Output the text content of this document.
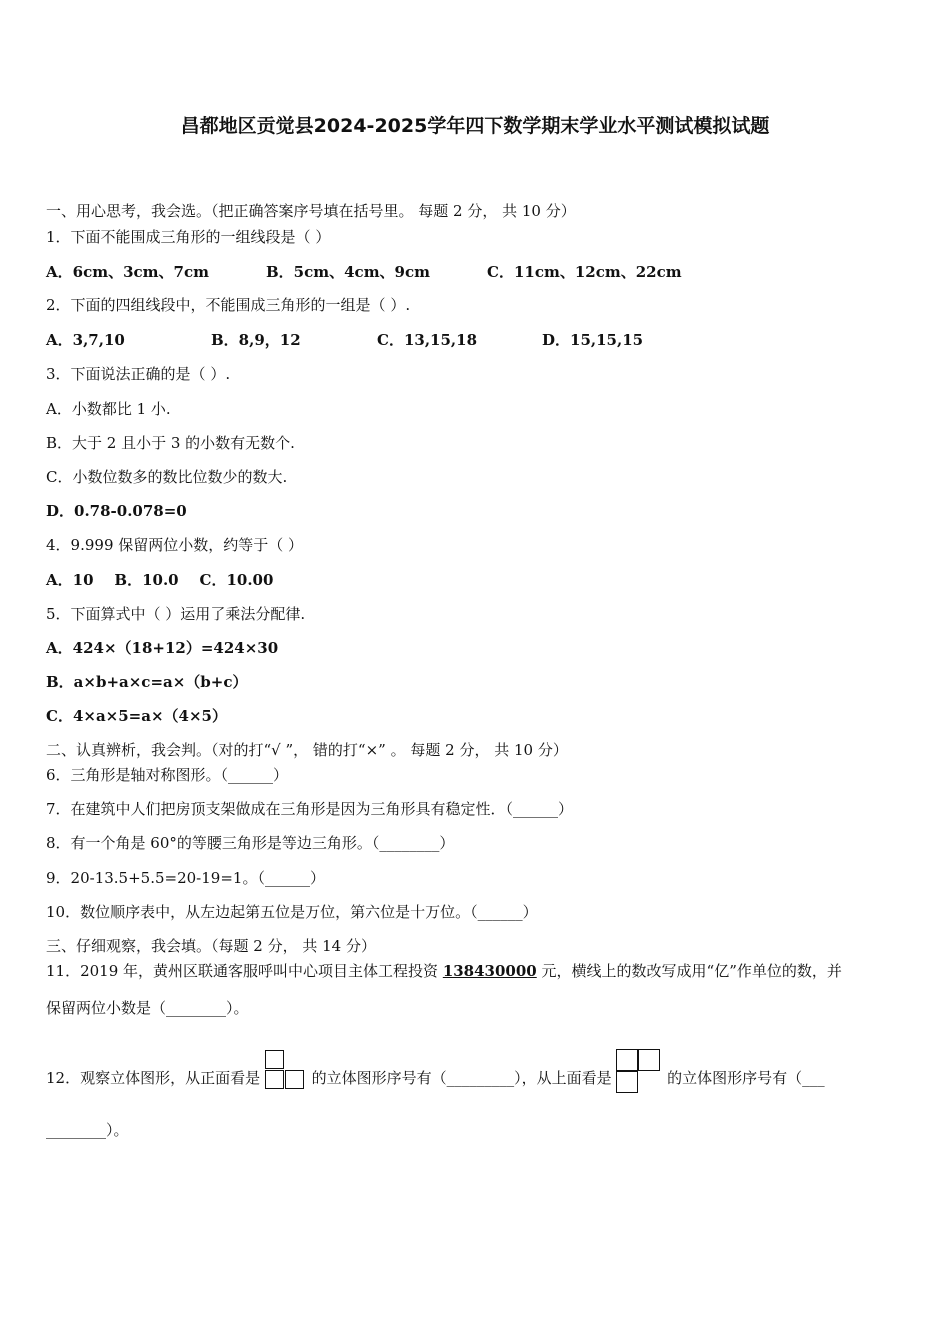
昌都地区贡觉县2024-2025学年四下数学期末学业水平测试模拟试题
一、用心思考，我会选。（把正确答案序号填在括号里。 每题 2 分， 共 10 分）
1．下面不能围成三角形的一组线段是（ ）
A．6cm、3cm、7cm	B．5cm、4cm、9cm	C．11cm、12cm、22cm
2．下面的四组线段中，不能围成三角形的一组是（ ）.
A．3,7,10	B．8,9，12	C．13,15,18	D．15,15,15
3．下面说法正确的是（ ）.
A．小数都比 1 小.
B．大于 2 且小于 3 的小数有无数个.
C．小数位数多的数比位数少的数大.
D．0.78-0.078=0
4．9.999 保留两位小数，约等于（ ）
A．10    B．10.0    C．10.00
5．下面算式中（ ）运用了乘法分配律.
A．424×（18+12）=424×30
B．a×b+a×c=a×（b+c）
C．4×a×5=a×（4×5）
二、认真辨析，我会判。（对的打“√ ”， 错的打“×” 。 每题 2 分， 共 10 分）
6．三角形是轴对称图形。（______）
7．在建筑中人们把房顶支架做成在三角形是因为三角形具有稳定性．（______）
8．有一个角是 60°的等腰三角形是等边三角形。（________）
9．20-13.5+5.5=20-19=1。（______）
10．数位顺序表中，从左边起第五位是万位，第六位是十万位。（______）
三、仔细观察，我会填。（每题 2 分， 共 14 分）
11．2019 年，黄州区联通客服呼叫中心项目主体工程投资 138430000 元，横线上的数改写成用“亿”作单位的数，并
保留两位小数是（________）。
12．观察立体图形，从正面看是	的立体图形序号有（_________），从上面看是	的立体图形序号有（___
________）。
